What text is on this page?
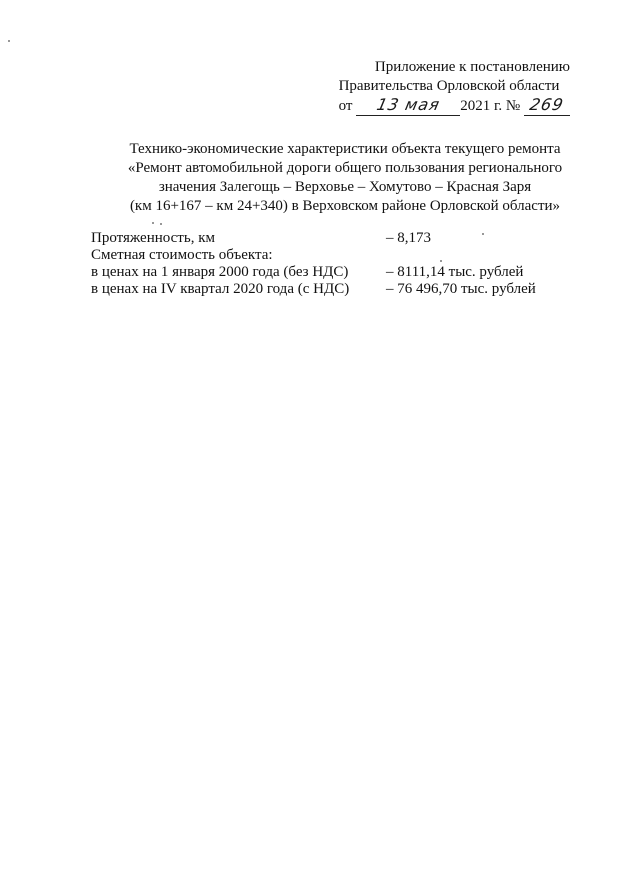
Приложение к постановлению
Правительства Орловской области
от 13 мая 2021 г. № 269
Технико-экономические характеристики объекта текущего ремонта
«Ремонт автомобильной дороги общего пользования регионального
значения Залегощь – Верховье – Хомутово – Красная Заря
(км 16+167 – км 24+340) в Верховском районе Орловской области»
Протяженность, км	– 8,173
Сметная стоимость объекта:
в ценах на 1 января 2000 года (без НДС)	– 8111,14 тыс. рублей
в ценах на IV квартал 2020 года (с НДС)	– 76 496,70 тыс. рублей
